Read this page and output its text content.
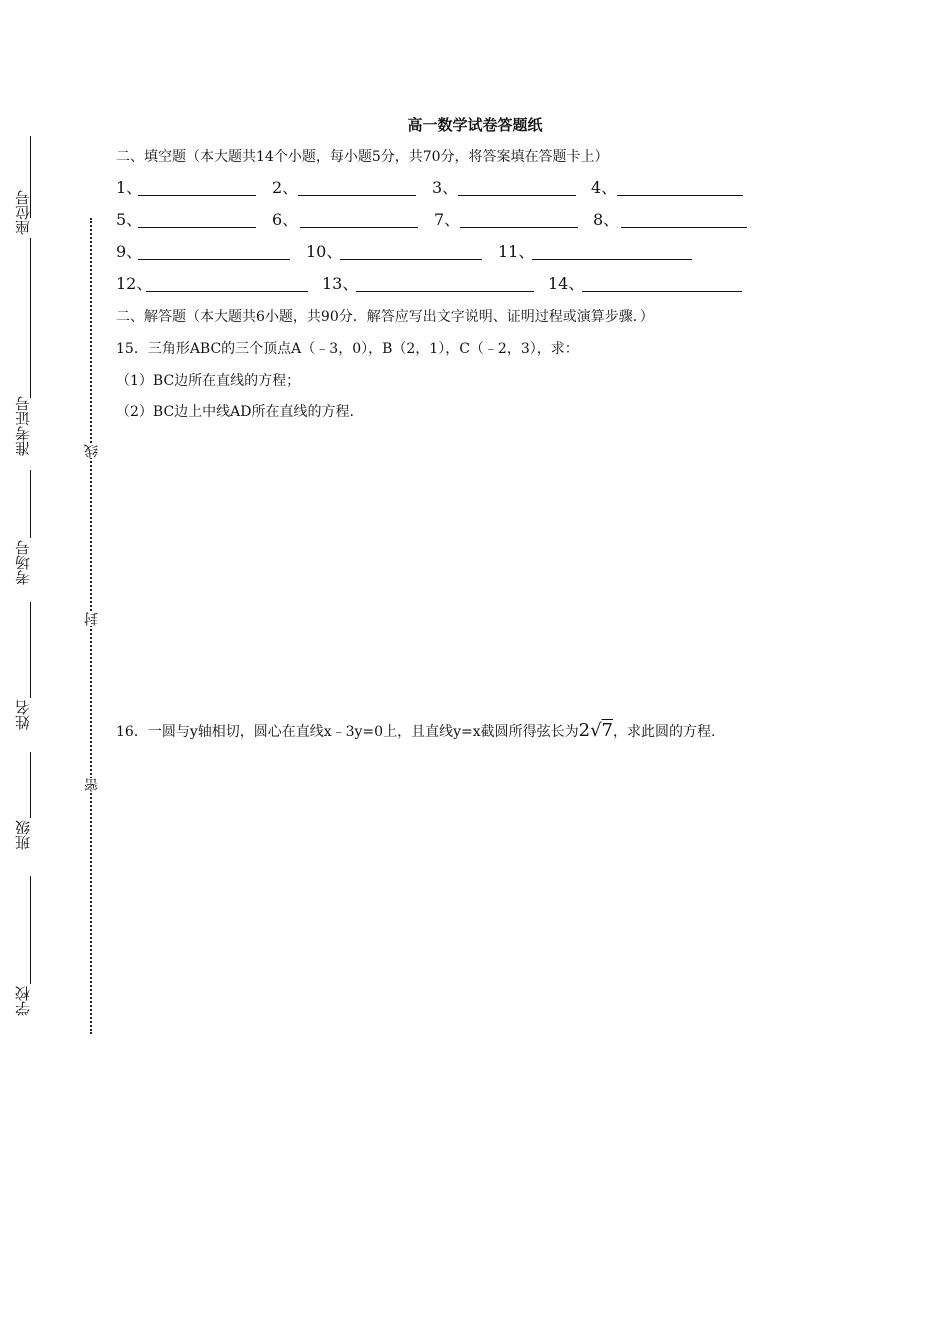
座位号
准考证号
考场号
姓名
班级
学校
线
封
密
高一数学试卷答题纸
二、填空题（本大题共14个小题，每小题5分，共70分，将答案填在答题卡上）
1、	2、	3、	4、
5、	6、	7、	8、
9、	10、	11、
12、	13、	14、
二、解答题（本大题共6小题，共90分．解答应写出文字说明、证明过程或演算步骤．）
15．三角形ABC的三个顶点A（﹣3，0），B（2，1），C（﹣2，3），求：
（1）BC边所在直线的方程；
（2）BC边上中线AD所在直线的方程.
16．一圆与y轴相切，圆心在直线x﹣3y=0上，且直线y=x截圆所得弦长为2√7，求此圆的方程.
